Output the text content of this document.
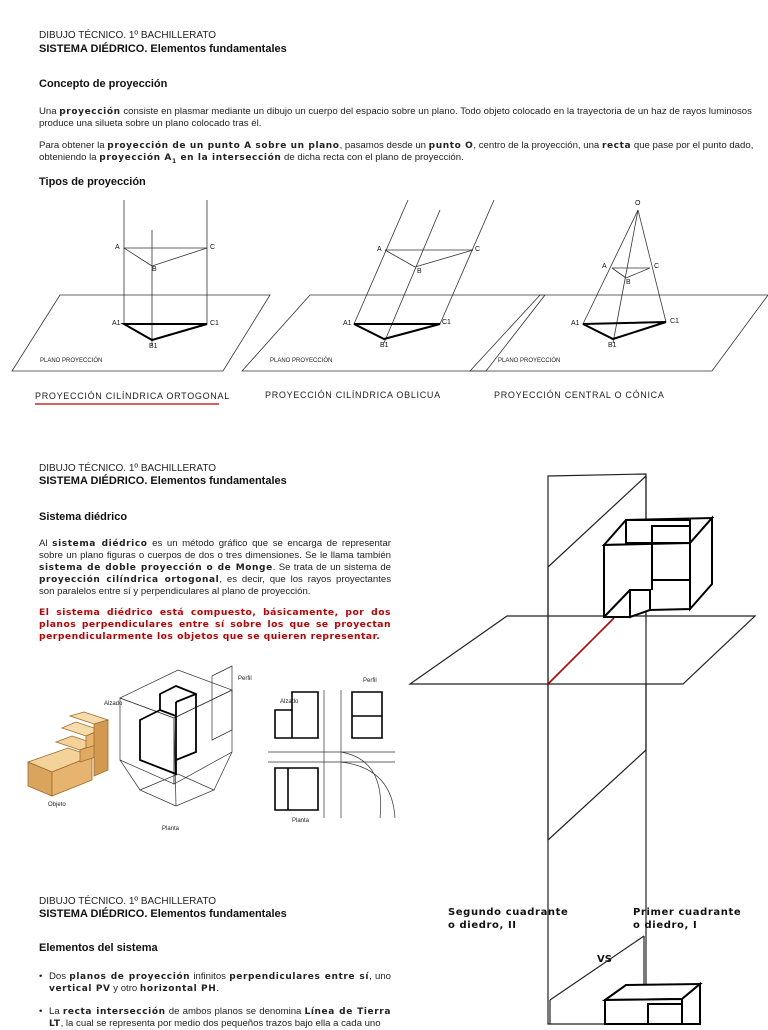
DIBUJO TÉCNICO. 1º BACHILLERATO
SISTEMA DIÉDRICO. Elementos fundamentales
Concepto de proyección
Una proyección consiste en plasmar mediante un dibujo un cuerpo del espacio sobre un plano. Todo objeto colocado en la trayectoria de un haz de rayos luminosos produce una silueta sobre un plano colocado tras él.
Para obtener la proyección de un punto A sobre un plano, pasamos desde un punto O, centro de la proyección, una recta que pase por el punto dado, obteniendo la proyección $A_1$ en la intersección de dicha recta con el plano de proyección.
Tipos de proyección
A	C
B
A1	C1
B1
PLANO PROYECCIÓN
A	C
B
A1	C1
B1
PLANO PROYECCIÓN
O
A	C
B
A1	C1
B1
PLANO PROYECCIÓN
PROYECCIÓN CILÍNDRICA ORTOGONAL	PROYECCIÓN CILÍNDRICA OBLICUA	PROYECCIÓN CENTRAL O CÓNICA
DIBUJO TÉCNICO. 1º BACHILLERATO
SISTEMA DIÉDRICO. Elementos fundamentales
Sistema diédrico
Al sistema diédrico es un método gráfico que se encarga de representar sobre un plano figuras o cuerpos de dos o tres dimensiones. Se le llama también sistema de doble proyección o de Monge. Se trata de un sistema de proyección cilíndrica ortogonal, es decir, que los rayos proyectantes son paralelos entre sí y perpendiculares al plano de proyección.
El sistema diédrico está compuesto, básicamente, por dos planos perpendiculares entre sí sobre los que se proyectan perpendicularmente los objetos que se quieren representar.
Alzado
Perfil
Planta
Objeto
Alzado
Perfil
Planta
DIBUJO TÉCNICO. 1º BACHILLERATO
SISTEMA DIÉDRICO. Elementos fundamentales
Elementos del sistema
• Dos planos de proyección infinitos perpendiculares entre sí, uno vertical PV y otro horizontal PH.
• La recta intersección de ambos planos se denomina Línea de Tierra LT, la cual se representa por medio dos pequeños trazos bajo ella a cada uno
Segundo cuadrante
o diedro, II
Primer cuadrante
o diedro, I
VS
